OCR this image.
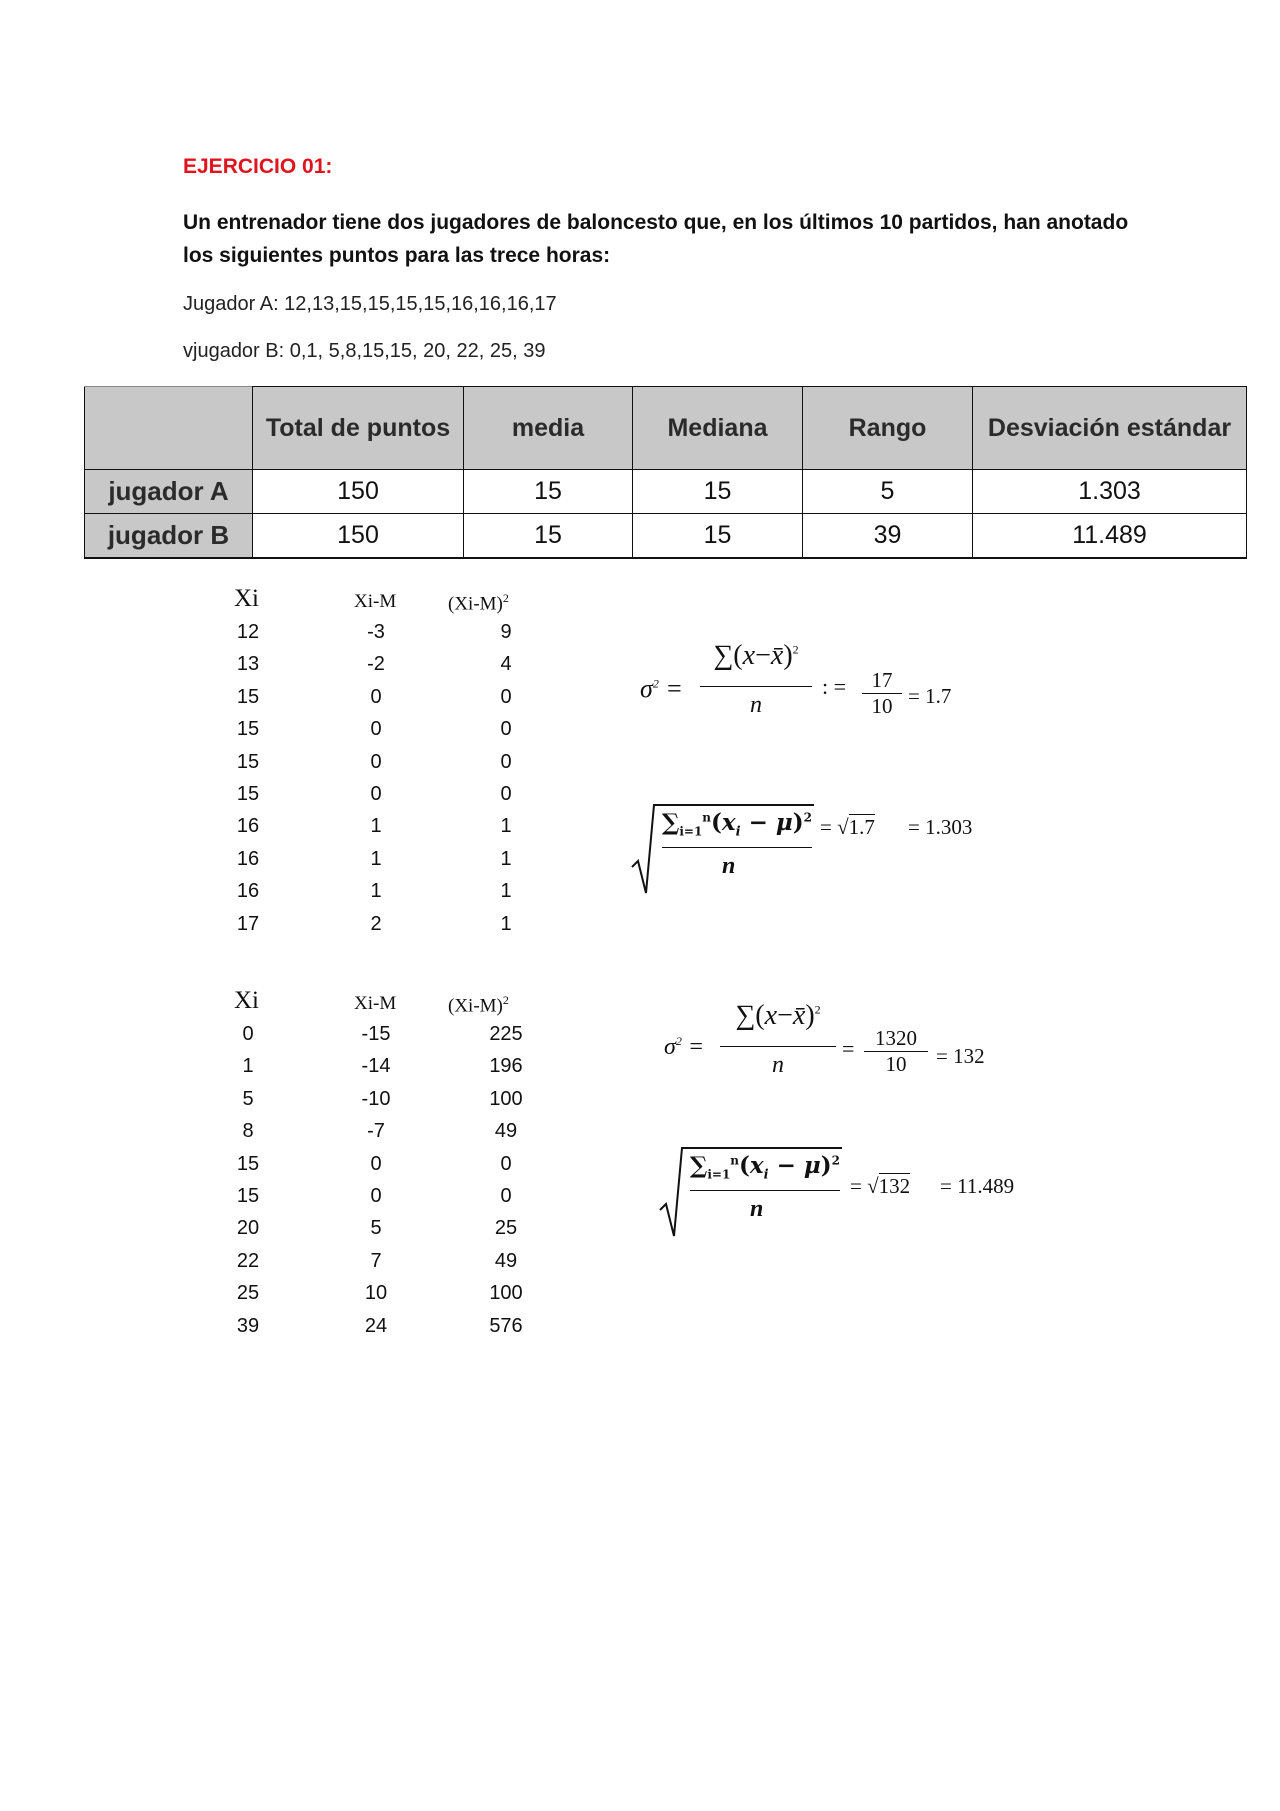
EJERCICIO 01:
Un entrenador tiene dos jugadores de baloncesto que, en los últimos 10 partidos, han anotado los siguientes puntos para las trece horas:
Jugador A: 12,13,15,15,15,15,16,16,16,17
vjugador B: 0,1, 5,8,15,15, 20, 22, 25, 39
	Total de puntos	media	Mediana	Rango	Desviación estándar
jugador A	150	15	15	5	1.303
jugador B	150	15	15	39	11.489
Xi	Xi-M	$(Xi-M)^2$
12	-3	9
13	-2	4
15	0	0
15	0	0
15	0	0
15	0	0
16	1	1
16	1	1
16	1	1
17	2	1
Xi	Xi-M	$(Xi-M)^2$
0	-15	225
1	-14	196
5	-10	100
8	-7	49
15	0	0
15	0	0
20	5	25
22	7	49
25	10	100
39	24	576
$\sigma^2$ =
∑(x−x̄)$^2$
n
: = $\frac{17}{10} = 1.7$
$\sum_{i=1}^n(x_i - \mu)^2$
n
= √1.7 = 1.303
$\sigma^2$ =
∑(x−x̄)$^2$
n
= $\frac{1320}{10} = 132$
$\sum_{i=1}^n(x_i - \mu)^2$
n
= √132 = 11.489
